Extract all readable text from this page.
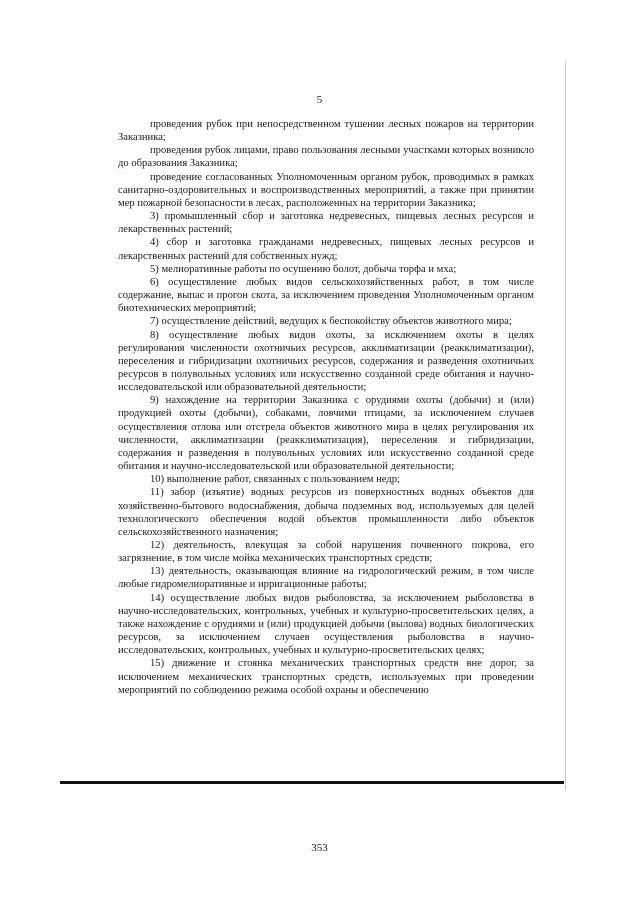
5

проведения рубок при непосредственном тушении лесных пожаров на территории Заказника;

проведения рубок лицами, право пользования лесными участками которых возникло до образования Заказника;

проведение согласованных Уполномоченным органом рубок, проводимых в рамках санитарно-оздоровительных и воспроизводственных мероприятий, а также при принятии мер пожарной безопасности в лесах, расположенных на территории Заказника;

3) промышленный сбор и заготовка недревесных, пищевых лесных ресурсов и лекарственных растений;

4) сбор и заготовка гражданами недревесных, пищевых лесных ресурсов и лекарственных растений для собственных нужд;

5) мелиоративные работы по осушению болот, добыча торфа и мха;

6) осуществление любых видов сельскохозяйственных работ, в том числе содержание, выпас и прогон скота, за исключением проведения Уполномоченным органом биотехнических мероприятий;

7) осуществление действий, ведущих к беспокойству объектов животного мира;

8) осуществление любых видов охоты, за исключением охоты в целях регулирования численности охотничьих ресурсов, акклиматизации (реакклиматизации), переселения и гибридизации охотничьих ресурсов, содержания и разведения охотничьих ресурсов в полувольных условиях или искусственно созданной среде обитания и научно-исследовательской или образовательной деятельности;

9) нахождение на территории Заказника с орудиями охоты (добычи) и (или) продукцией охоты (добычи), собаками, ловчими птицами, за исключением случаев осуществления отлова или отстрела объектов животного мира в целях регулирования их численности, акклиматизации (реакклиматизация), переселения и гибридизации, содержания и разведения в полувольных условиях или искусственно созданной среде обитания и научно-исследовательской или образовательной деятельности;

10) выполнение работ, связанных с пользованием недр;

11) забор (изъятие) водных ресурсов из поверхностных водных объектов для хозяйственно-бытового водоснабжения, добыча подземных вод, используемых для целей технологического обеспечения водой объектов промышленности либо объектов сельскохозяйственного назначения;

12) деятельность, влекущая за собой нарушения почвенного покрова, его загрязнение, в том числе мойка механических транспортных средств;

13) деятельность, оказывающая влияние на гидрологический режим, в том числе любые гидромелиоративные и ирригационные работы;

14) осуществление любых видов рыболовства, за исключением рыболовства в научно-исследовательских, контрольных, учебных и культурно-просветительских целях, а также нахождение с орудиями и (или) продукцией добычи (вылова) водных биологических ресурсов, за исключением случаев осуществления рыболовства в научно-исследовательских, контрольных, учебных и культурно-просветительских целях;

15) движение и стоянка механических транспортных средств вне дорог, за исключением механических транспортных средств, используемых при проведении мероприятий по соблюдению режима особой охраны и обеспечению

353
